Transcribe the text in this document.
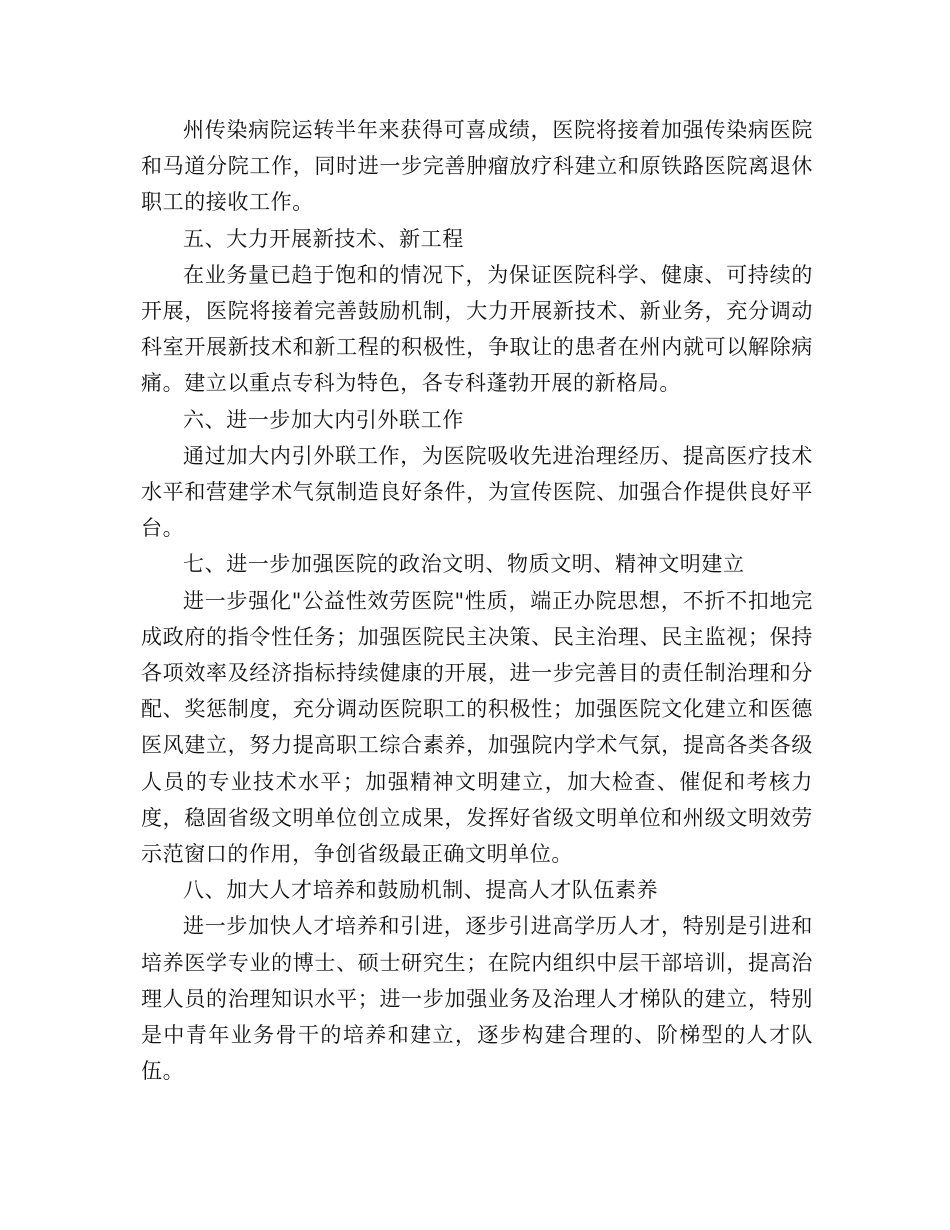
州传染病院运转半年来获得可喜成绩，医院将接着加强传染病医院和马道分院工作，同时进一步完善肿瘤放疗科建立和原铁路医院离退休职工的接收工作。

五、大力开展新技术、新工程

在业务量已趋于饱和的情况下，为保证医院科学、健康、可持续的开展，医院将接着完善鼓励机制，大力开展新技术、新业务，充分调动科室开展新技术和新工程的积极性，争取让的患者在州内就可以解除病痛。建立以重点专科为特色，各专科蓬勃开展的新格局。

六、进一步加大内引外联工作

通过加大内引外联工作，为医院吸收先进治理经历、提高医疗技术水平和营建学术气氛制造良好条件，为宣传医院、加强合作提供良好平台。

七、进一步加强医院的政治文明、物质文明、精神文明建立

进一步强化"公益性效劳医院"性质，端正办院思想，不折不扣地完成政府的指令性任务；加强医院民主决策、民主治理、民主监视；保持各项效率及经济指标持续健康的开展，进一步完善目的责任制治理和分配、奖惩制度，充分调动医院职工的积极性；加强医院文化建立和医德医风建立，努力提高职工综合素养，加强院内学术气氛，提高各类各级人员的专业技术水平；加强精神文明建立，加大检查、催促和考核力度，稳固省级文明单位创立成果，发挥好省级文明单位和州级文明效劳示范窗口的作用，争创省级最正确文明单位。

八、加大人才培养和鼓励机制、提高人才队伍素养

进一步加快人才培养和引进，逐步引进高学历人才，特别是引进和培养医学专业的博士、硕士研究生；在院内组织中层干部培训，提高治理人员的治理知识水平；进一步加强业务及治理人才梯队的建立，特别是中青年业务骨干的培养和建立，逐步构建合理的、阶梯型的人才队伍。
